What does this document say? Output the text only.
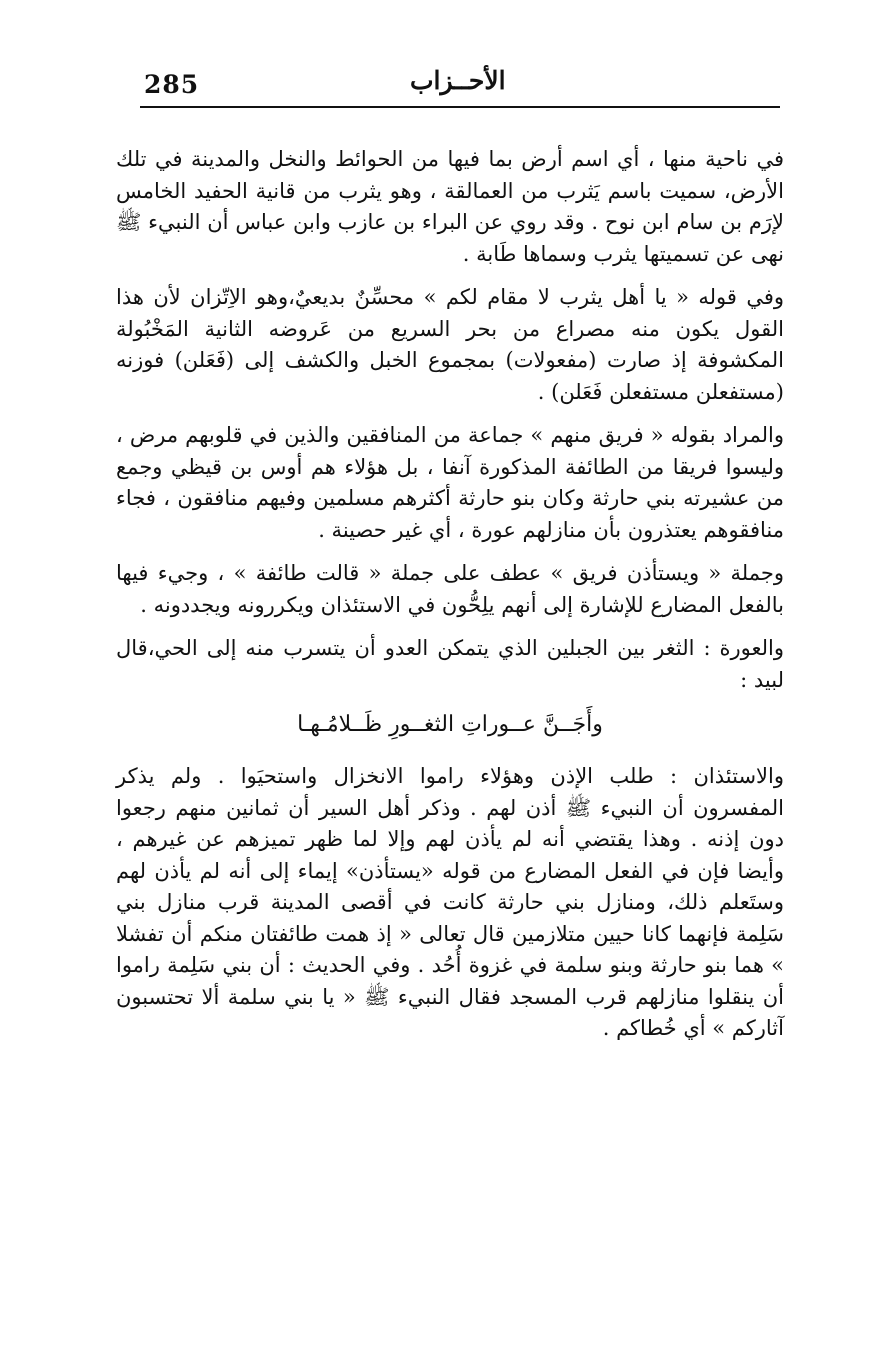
285	الأحــزاب

في ناحية منها ، أي اسم أرض بما فيها من الحوائط والنخل والمدينة في تلك الأرض، سميت باسم يَثرب من العمالقة ، وهو يثرب من قانية الحفيد الخامس لإرَم بن سام ابن نوح . وقد روي عن البراء بن عازب وابن عباس أن النبيء ﷺ نهى عن تسميتها يثرب وسماها طَابة .

وفي قوله « يا أهل يثرب لا مقام لكم » محسِّنٌ بديعيٌ،وهو الاِتّزان لأن هذا القول يكون منه مصراع من بحر السريع من عَروضه الثانية المَخْبُولة المكشوفة إذ صارت (مفعولات) بمجموع الخبل والكشف إلى (فَعَلن) فوزنه (مستفعلن مستفعلن فَعَلن) .

والمراد بقوله « فريق منهم » جماعة من المنافقين والذين في قلوبهم مرض ، وليسوا فريقا من الطائفة المذكورة آنفا ، بل هؤلاء هم أوس بن قيظي وجمع من عشيرته بني حارثة وكان بنو حارثة أكثرهم مسلمين وفيهم منافقون ، فجاء منافقوهم يعتذرون بأن منازلهم عورة ، أي غير حصينة .

وجملة « ويستأذن فريق » عطف على جملة « قالت طائفة » ، وجيء فيها بالفعل المضارع للإشارة إلى أنهم يلِحُّون في الاستئذان ويكررونه ويجددونه .

والعورة : الثغر بين الجبلين الذي يتمكن العدو أن يتسرب منه إلى الحي،قال لبيد :

وأَجَــنَّ عــوراتِ الثغــورِ ظَــلامُـهـا

والاستئذان : طلب الإذن وهؤلاء راموا الانخزال واستحيَوا . ولم يذكر المفسرون أن النبيء ﷺ أذن لهم . وذكر أهل السير أن ثمانين منهم رجعوا دون إذنه . وهذا يقتضي أنه لم يأذن لهم وإلا لما ظهر تميزهم عن غيرهم ، وأيضا فإن في الفعل المضارع من قوله «يستأذن» إيماء إلى أنه لم يأذن لهم وستَعلم ذلك، ومنازل بني حارثة كانت في أقصى المدينة قرب منازل بني سَلِمة فإنهما كانا حيين متلازمين قال تعالى « إذ همت طائفتان منكم أن تفشلا » هما بنو حارثة وبنو سلمة في غزوة أُحُد . وفي الحديث : أن بني سَلِمة راموا أن ينقلوا منازلهم قرب المسجد فقال النبيء ﷺ « يا بني سلمة ألا تحتسبون آثاركم » أي خُطاكم .
